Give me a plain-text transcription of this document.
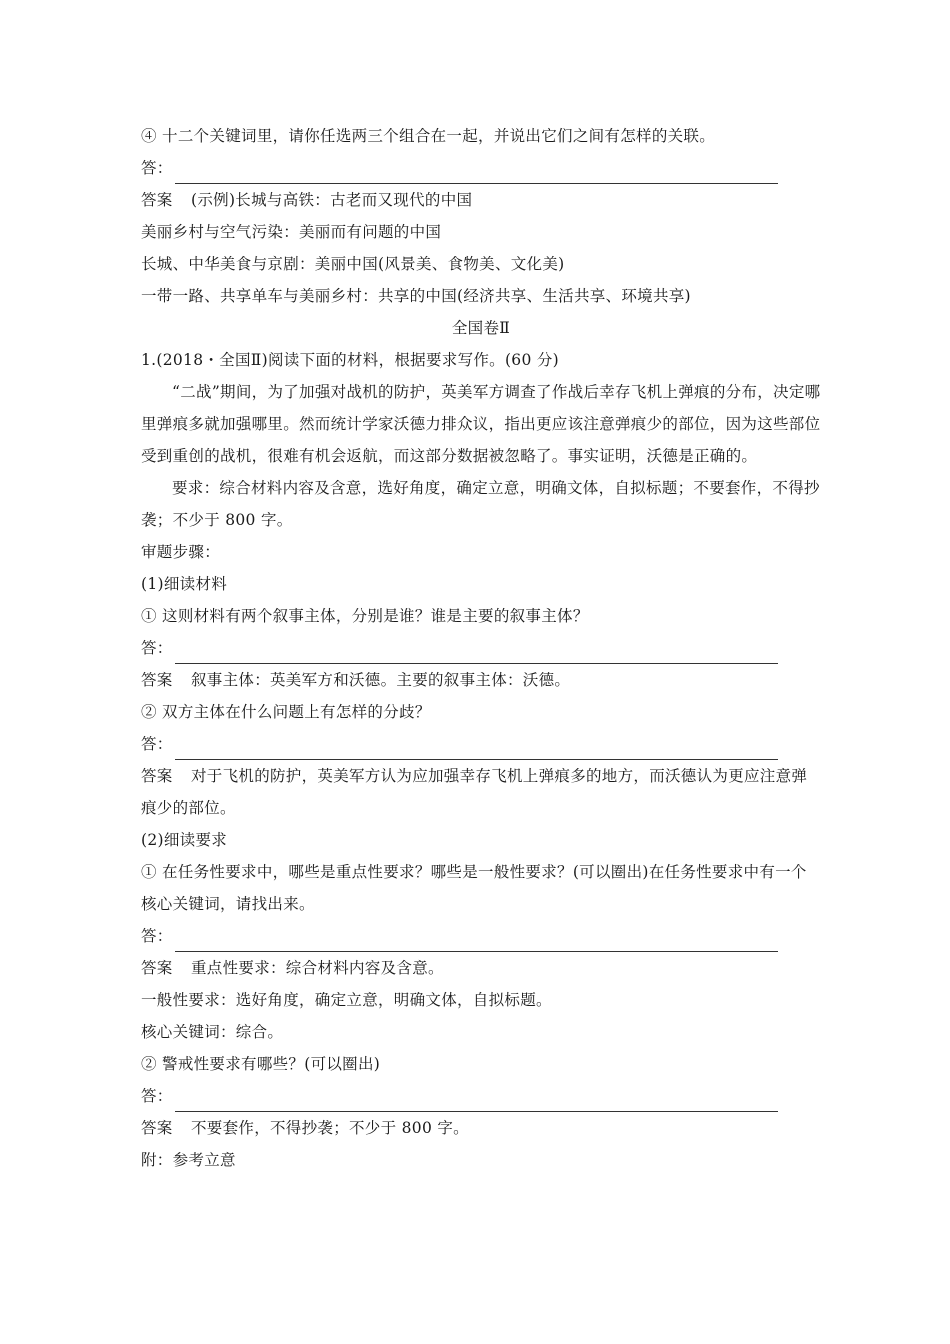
④ 十二个关键词里，请你任选两三个组合在一起，并说出它们之间有怎样的关联。
答：
答案 (示例)长城与高铁：古老而又现代的中国
美丽乡村与空气污染：美丽而有问题的中国
长城、中华美食与京剧：美丽中国(风景美、食物美、文化美)
一带一路、共享单车与美丽乡村：共享的中国(经济共享、生活共享、环境共享)
全国卷Ⅱ
1.(2018・全国Ⅱ)阅读下面的材料，根据要求写作。(60 分)
“二战”期间，为了加强对战机的防护，英美军方调查了作战后幸存飞机上弹痕的分布，决定哪里弹痕多就加强哪里。然而统计学家沃德力排众议，指出更应该注意弹痕少的部位，因为这些部位受到重创的战机，很难有机会返航，而这部分数据被忽略了。事实证明，沃德是正确的。
要求：综合材料内容及含意，选好角度，确定立意，明确文体，自拟标题；不要套作，不得抄袭；不少于 800 字。
审题步骤：
(1)细读材料
① 这则材料有两个叙事主体，分别是谁？谁是主要的叙事主体？
答：
答案 叙事主体：英美军方和沃德。主要的叙事主体：沃德。
② 双方主体在什么问题上有怎样的分歧？
答：
答案 对于飞机的防护，英美军方认为应加强幸存飞机上弹痕多的地方，而沃德认为更应注意弹痕少的部位。
(2)细读要求
① 在任务性要求中，哪些是重点性要求？哪些是一般性要求？(可以圈出)在任务性要求中有一个核心关键词，请找出来。
答：
答案 重点性要求：综合材料内容及含意。
一般性要求：选好角度，确定立意，明确文体，自拟标题。
核心关键词：综合。
② 警戒性要求有哪些？(可以圈出)
答：
答案 不要套作，不得抄袭；不少于 800 字。
附：参考立意
